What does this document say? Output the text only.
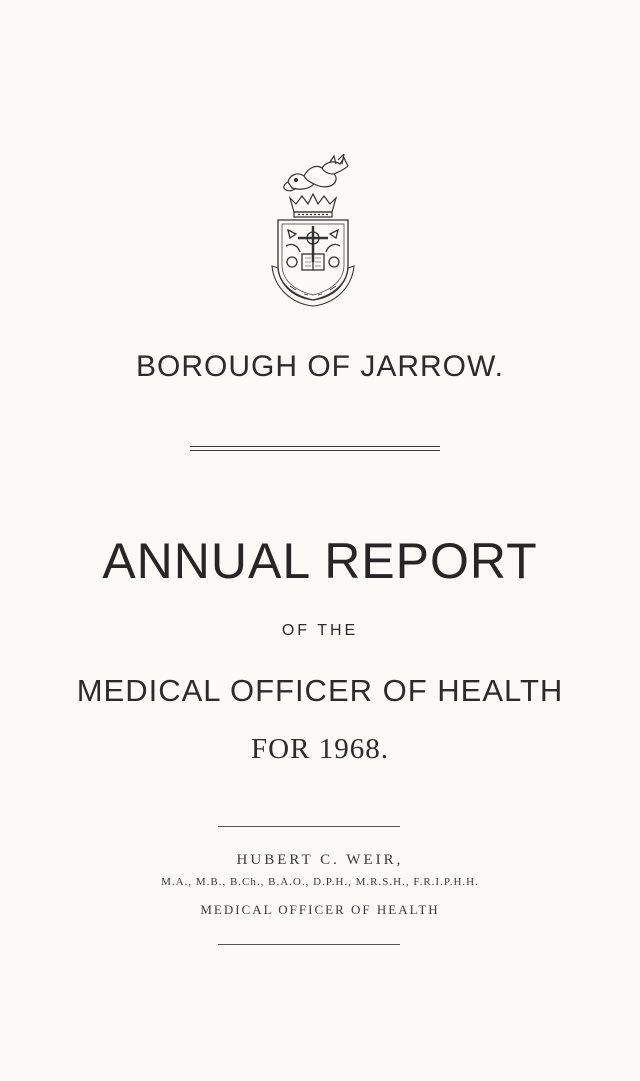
BOROUGH OF JARROW.
ANNUAL REPORT
OF THE
MEDICAL OFFICER OF HEALTH
FOR 1968.
HUBERT C. WEIR,
M.A., M.B., B.Ch., B.A.O., D.P.H., M.R.S.H., F.R.I.P.H.H.
MEDICAL OFFICER OF HEALTH
